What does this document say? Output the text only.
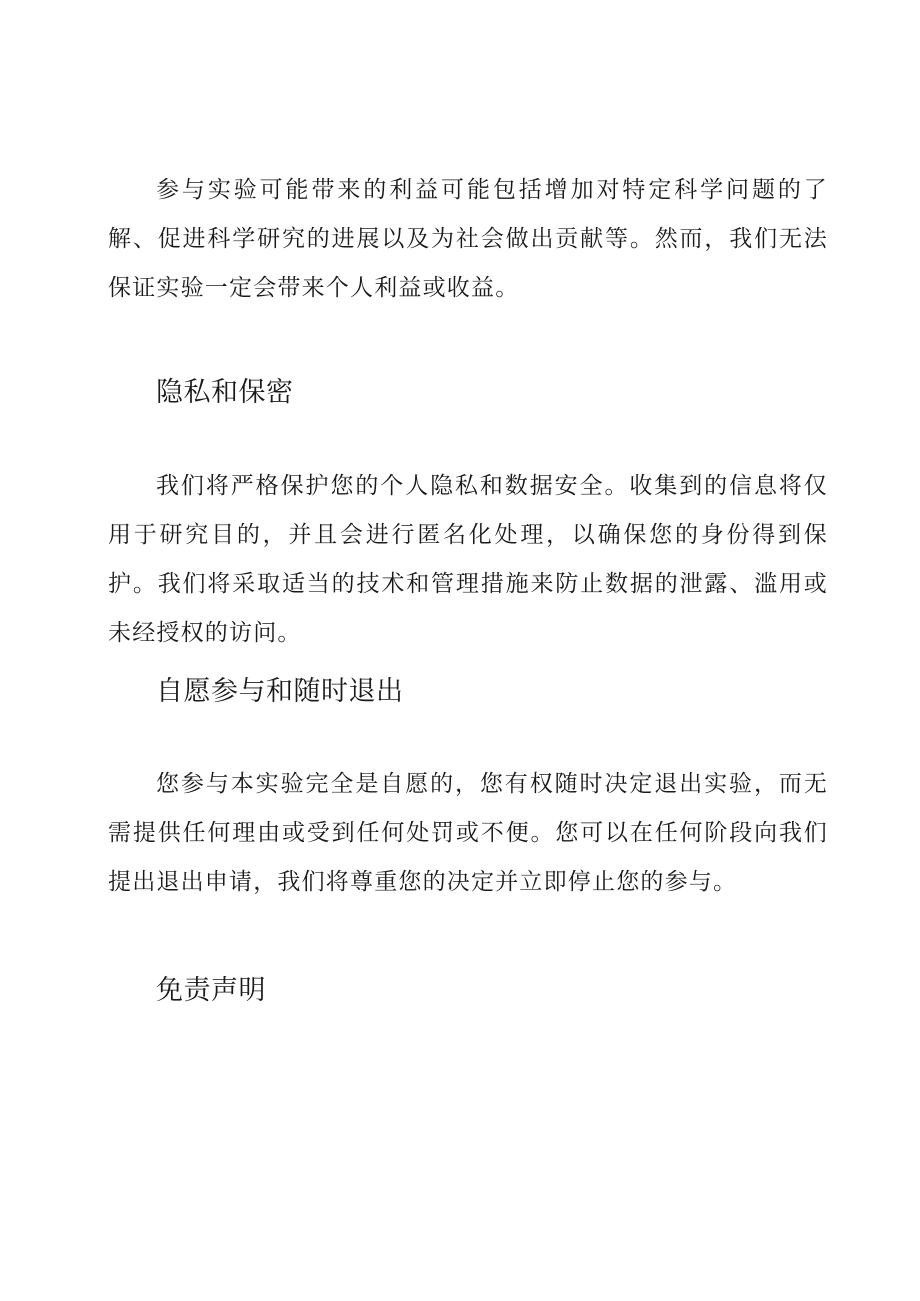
参与实验可能带来的利益可能包括增加对特定科学问题的了解、促进科学研究的进展以及为社会做出贡献等。然而，我们无法保证实验一定会带来个人利益或收益。

隐私和保密

我们将严格保护您的个人隐私和数据安全。收集到的信息将仅用于研究目的，并且会进行匿名化处理，以确保您的身份得到保护。我们将采取适当的技术和管理措施来防止数据的泄露、滥用或未经授权的访问。

自愿参与和随时退出

您参与本实验完全是自愿的，您有权随时决定退出实验，而无需提供任何理由或受到任何处罚或不便。您可以在任何阶段向我们提出退出申请，我们将尊重您的决定并立即停止您的参与。

免责声明
